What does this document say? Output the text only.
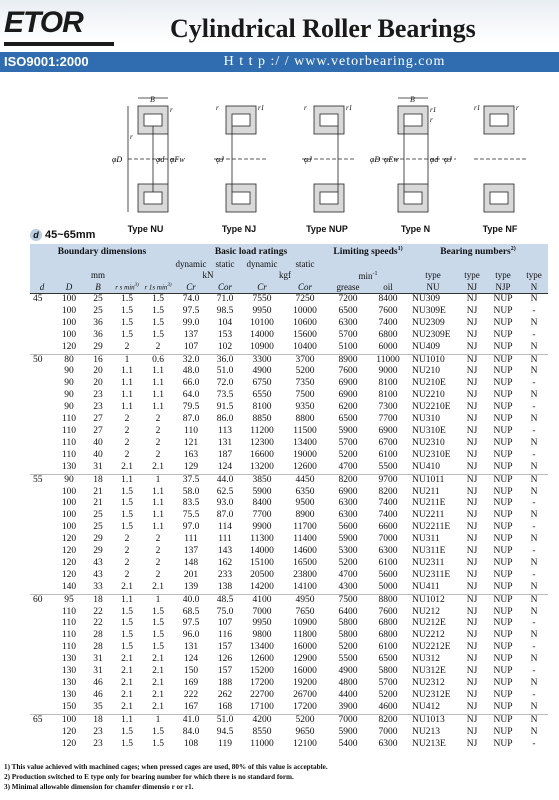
ETOR	Cylindrical Roller Bearings
ISO9001:2000	H t t p :/ / www.vetorbearing.com
B
φD	φd φFw
r
r
Type NU
φJ
r1
r
Type NJ
φJ
r1
r
Type NUP
B
φD φEw	φd φJ
r1
r
Type N
r
r1
Type NF
d 45~65mm
Boundary dimensions					Basic load ratings				Limiting speeds$^{1)}$		Bearing numbers$^{2)}$
					dynamic	static	dynamic	static						
		mm			kN		kgf		$\min^{-1}$		type	type	type	type
d	D	B	r s $\min^{3)}$	r 1s $\min^{3)}$	Cr	Cor	Cr	Cor	grease	oil	NU	NJ	NJP	N
45	100	25	1.5	1.5	74.0	71.0	7550	7250	7200	8400	NU309	NJ	NUP	N
	100	25	1.5	1.5	97.5	98.5	9950	10000	6500	7600	NU309E	NJ	NUP	-
	100	36	1.5	1.5	99.0	104	10100	10600	6300	7400	NU2309	NJ	NUP	N
	100	36	1.5	1.5	137	153	14000	15600	5700	6800	NU2309E	NJ	NUP	-
	120	29	2	2	107	102	10900	10400	5100	6000	NU409	NJ	NUP	N
50	80	16	1	0.6	32.0	36.0	3300	3700	8900	11000	NU1010	NJ	NUP	N
	90	20	1.1	1.1	48.0	51.0	4900	5200	7600	9000	NU210	NJ	NUP	N
	90	20	1.1	1.1	66.0	72.0	6750	7350	6900	8100	NU210E	NJ	NUP	-
	90	23	1.1	1.1	64.0	73.5	6550	7500	6900	8100	NU2210	NJ	NUP	N
	90	23	1.1	1.1	79.5	91.5	8100	9350	6200	7300	NU2210E	NJ	NUP	-
	110	27	2	2	87.0	86.0	8850	8800	6500	7700	NU310	NJ	NUP	N
	110	27	2	2	110	113	11200	11500	5900	6900	NU310E	NJ	NUP	-
	110	40	2	2	121	131	12300	13400	5700	6700	NU2310	NJ	NUP	N
	110	40	2	2	163	187	16600	19000	5200	6100	NU2310E	NJ	NUP	-
	130	31	2.1	2.1	129	124	13200	12600	4700	5500	NU410	NJ	NUP	N
55	90	18	1.1	1	37.5	44.0	3850	4450	8200	9700	NU1011	NJ	NUP	N
	100	21	1.5	1.1	58.0	62.5	5900	6350	6900	8200	NU211	NJ	NUP	N
	100	21	1.5	1.1	83.5	93.0	8400	9500	6300	7400	NU211E	NJ	NUP	-
	100	25	1.5	1.1	75.5	87.0	7700	8900	6300	7400	NU2211	NJ	NUP	N
	100	25	1.5	1.1	97.0	114	9900	11700	5600	6600	NU2211E	NJ	NUP	-
	120	29	2	2	111	111	11300	11400	5900	7000	NU311	NJ	NUP	N
	120	29	2	2	137	143	14000	14600	5300	6300	NU311E	NJ	NUP	-
	120	43	2	2	148	162	15100	16500	5200	6100	NU2311	NJ	NUP	N
	120	43	2	2	201	233	20500	23800	4700	5600	NU2311E	NJ	NUP	-
	140	33	2.1	2.1	139	138	14200	14100	4300	5000	NU411	NJ	NUP	N
60	95	18	1.1	1	40.0	48.5	4100	4950	7500	8800	NU1012	NJ	NUP	N
	110	22	1.5	1.5	68.5	75.0	7000	7650	6400	7600	NU212	NJ	NUP	N
	110	22	1.5	1.5	97.5	107	9950	10900	5800	6800	NU212E	NJ	NUP	-
	110	28	1.5	1.5	96.0	116	9800	11800	5800	6800	NU2212	NJ	NUP	N
	110	28	1.5	1.5	131	157	13400	16000	5200	6100	NU2212E	NJ	NUP	-
	130	31	2.1	2.1	124	126	12600	12900	5500	6500	NU312	NJ	NUP	N
	130	31	2.1	2.1	150	157	15200	16000	4900	5800	NU312E	NJ	NUP	-
	130	46	2.1	2.1	169	188	17200	19200	4800	5700	NU2312	NJ	NUP	N
	130	46	2.1	2.1	222	262	22700	26700	4400	5200	NU2312E	NJ	NUP	-
	150	35	2.1	2.1	167	168	17100	17200	3900	4600	NU412	NJ	NUP	N
65	100	18	1.1	1	41.0	51.0	4200	5200	7000	8200	NU1013	NJ	NUP	N
	120	23	1.5	1.5	84.0	94.5	8550	9650	5900	7000	NU213	NJ	NUP	N
	120	23	1.5	1.5	108	119	11000	12100	5400	6300	NU213E	NJ	NUP	-
1) This value achieved with machined cages; when pressed cages are used, 80% of this value is acceptable.
2) Production switched to E type only for bearing number for which there is no standard form.
3) Minimal allowable dimension for chamfer dimensio r or r1.
